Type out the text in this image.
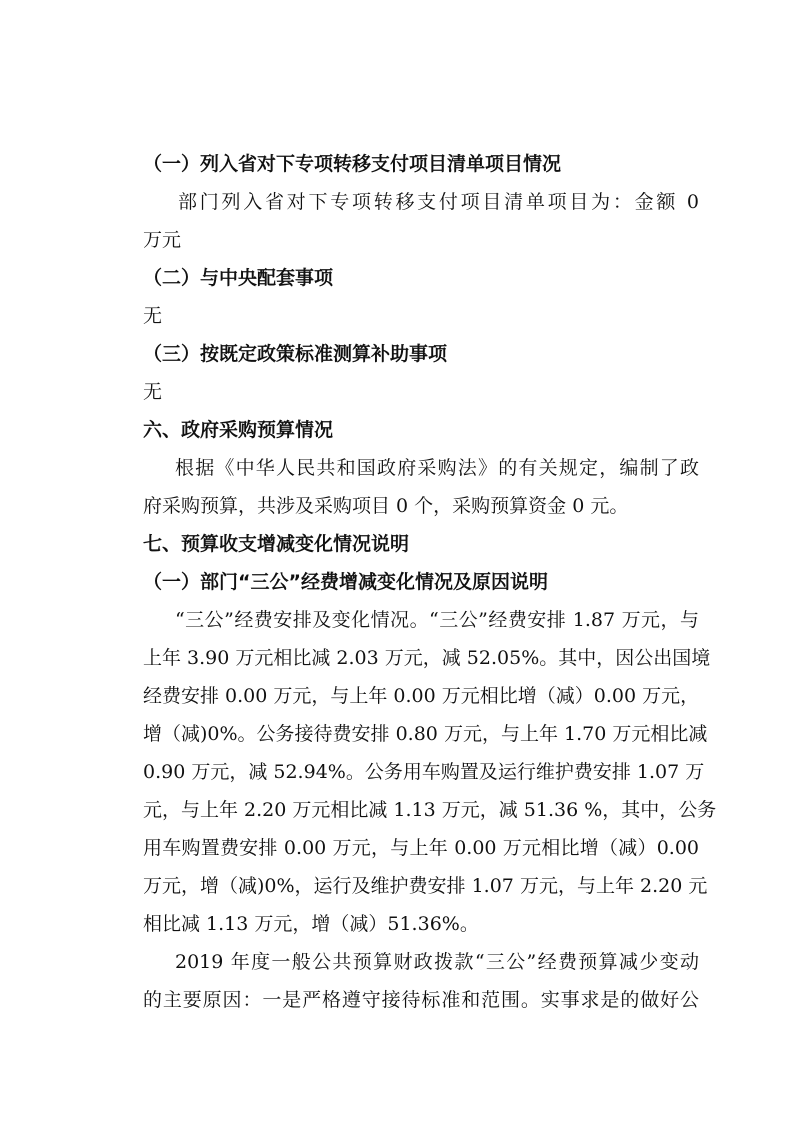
（一）列入省对下专项转移支付项目清单项目情况
部门列入省对下专项转移支付项目清单项目为：金额 0
万元
（二）与中央配套事项
无
（三）按既定政策标准测算补助事项
无
六、政府采购预算情况
根据《中华人民共和国政府采购法》的有关规定，编制了政
府采购预算，共涉及采购项目 0 个，采购预算资金 0 元。
七、预算收支增减变化情况说明
（一）部门“三公”经费增减变化情况及原因说明
“三公”经费安排及变化情况。“三公”经费安排 1.87 万元，与
上年 3.90 万元相比减 2.03 万元，减 52.05%。其中，因公出国境
经费安排 0.00 万元，与上年 0.00 万元相比增（减）0.00 万元，
增（减)0%。公务接待费安排 0.80 万元，与上年 1.70 万元相比减
0.90 万元，减 52.94%。公务用车购置及运行维护费安排 1.07 万
元，与上年 2.20 万元相比减 1.13 万元，减 51.36 %，其中，公务
用车购置费安排 0.00 万元，与上年 0.00 万元相比增（减）0.00
万元，增（减)0%，运行及维护费安排 1.07 万元，与上年 2.20 元
相比减 1.13 万元，增（减）51.36%。
2019 年度一般公共预算财政拨款“三公”经费预算减少变动
的主要原因：一是严格遵守接待标准和范围。实事求是的做好公
